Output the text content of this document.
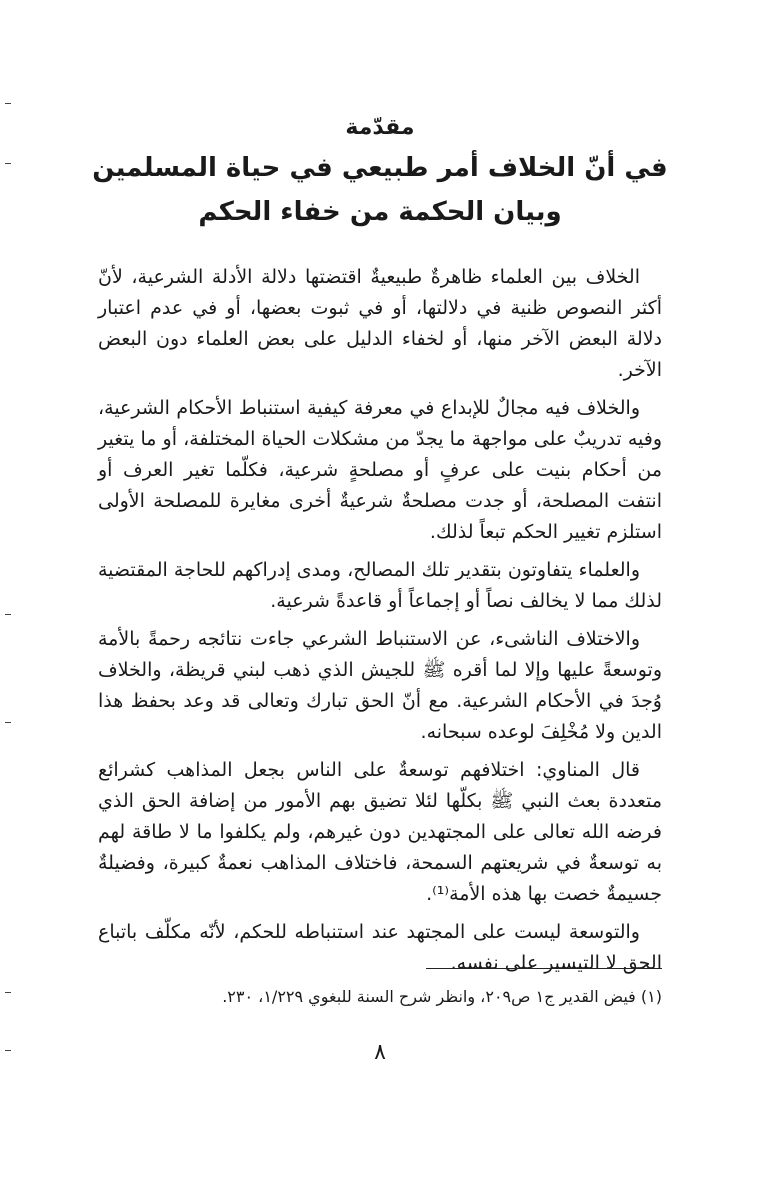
مقدّمة

في أنّ الخلاف أمر طبيعي في حياة المسلمين

وبيان الحكمة من خفاء الحكم

الخلاف بين العلماء ظاهرةٌ طبيعيةٌ اقتضتها دلالة الأدلة الشرعية، لأنّ أكثر النصوص ظنية في دلالتها، أو في ثبوت بعضها، أو في عدم اعتبار دلالة البعض الآخر منها، أو لخفاء الدليل على بعض العلماء دون البعض الآخر.

والخلاف فيه مجالٌ للإبداع في معرفة كيفية استنباط الأحكام الشرعية، وفيه تدريبٌ على مواجهة ما يجدّ من مشكلات الحياة المختلفة، أو ما يتغير من أحكام بنيت على عرفٍ أو مصلحةٍ شرعية، فكلّما تغير العرف أو انتفت المصلحة، أو جدت مصلحةٌ شرعيةٌ أخرى مغايرة للمصلحة الأولى استلزم تغيير الحكم تبعاً لذلك.

والعلماء يتفاوتون بتقدير تلك المصالح، ومدى إدراكهم للحاجة المقتضية لذلك مما لا يخالف نصاً أو إجماعاً أو قاعدةً شرعية.

والاختلاف الناشىء، عن الاستنباط الشرعي جاءت نتائجه رحمةً بالأمة وتوسعةً عليها وإلا لما أقره ﷺ للجيش الذي ذهب لبني قريظة، والخلاف وُجدَ في الأحكام الشرعية. مع أنّ الحق تبارك وتعالى قد وعد بحفظ هذا الدين ولا مُخْلِفَ لوعده سبحانه.

قال المناوي: اختلافهم توسعةٌ على الناس بجعل المذاهب كشرائع متعددة بعث النبي ﷺ بكلّها لئلا تضيق بهم الأمور من إضافة الحق الذي فرضه الله تعالى على المجتهدين دون غيرهم، ولم يكلفوا ما لا طاقة لهم به توسعةٌ في شريعتهم السمحة، فاختلاف المذاهب نعمةٌ كبيرة، وفضيلةٌ جسيمةٌ خصت بها هذه الأمة⁽¹⁾.

والتوسعة ليست على المجتهد عند استنباطه للحكم، لأنّه مكلّف باتباع الحق لا التيسير على نفسه.

(١) فيض القدير ج١ ص٢٠٩، وانظر شرح السنة للبغوي ١/٢٢٩، ٢٣٠.
٨
